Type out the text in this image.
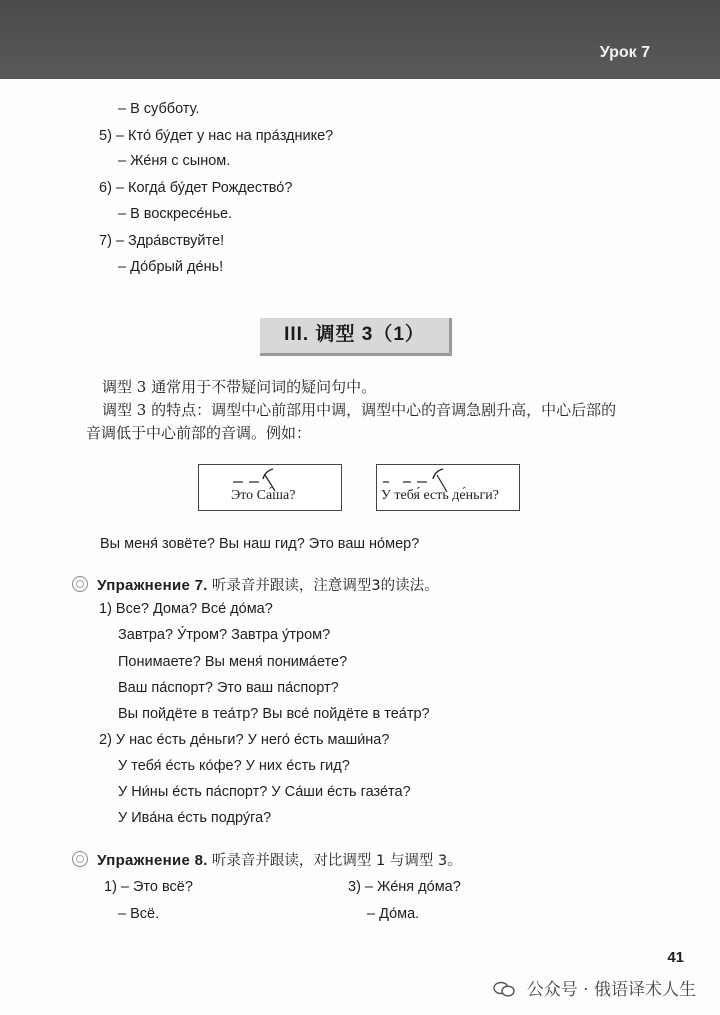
Урок 7
– В субботу.
5) – Кто́ бу́дет у нас на пра́зднике?
– Же́ня с сыном.
6) – Когда́ бу́дет Рождество́?
– В воскресе́нье.
7) – Здра́вствуйте!
– До́брый де́нь!
III. 调型 3（1）
调型 3 通常用于不带疑问词的疑问句中。
调型 3 的特点：调型中心前部用中调，调型中心的音调急剧升高，中心后部的
音调低于中心前部的音调。例如：
Это Са́ша?	У тебя́ есть де́ньги?
Вы меня́ зовёте? Вы наш гид? Это ваш но́мер?
Упражнение 7. 听录音并跟读，注意调型3的读法。
1) Все? Дома? Все́ до́ма?
Завтра? У́тром? Завтра у́тром?
Понимаете? Вы меня́ понима́ете?
Ваш па́спорт? Это ваш па́спорт?
Вы пойдёте в теа́тр? Вы все́ пойдёте в теа́тр?
2) У нас е́сть де́ньги? У него́ е́сть маши́на?
У тебя́ е́сть ко́фе? У них е́сть гид?
У Ни́ны е́сть па́спорт? У Са́ши е́сть газе́та?
У Ива́на е́сть подру́га?
Упражнение 8. 听录音并跟读，对比调型 1 与调型 3。
1) – Это всё?
– Всё.
3) – Же́ня до́ма?
– До́ма.
41
公众号 · 俄语译术人生
